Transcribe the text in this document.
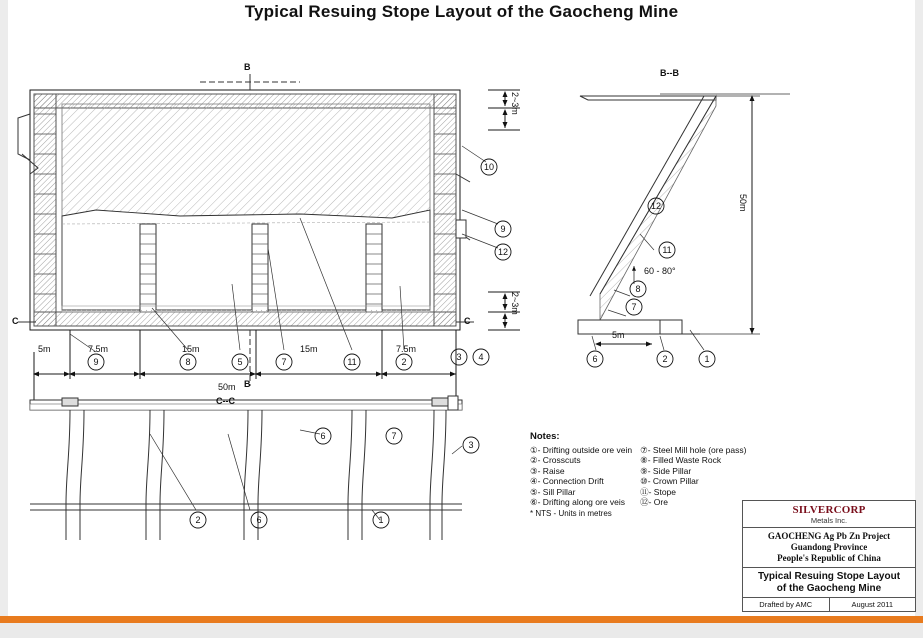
Typical Resuing Stope Layout of the Gaocheng Mine
10
9
12
9	8	5	7	11	2	3 4
12
11
8
7
6	2	1
6	7
3
2	6	1
B
B
B--B
C--C
C	C
2~3m
2~3m
5m	7.5m	15m	15m	7.5m
50m
50m
5m
60 - 80°
Notes:
①- Drifting outside ore vein
②- Crosscuts
③- Raise
④- Connection Drift
⑤- Sill Pillar
⑥- Drifting along ore veis
⑦- Steel Mill hole (ore pass)
⑧- Filled Waste Rock
⑨- Side Pillar
⑩- Crown Pillar
⑪- Stope
⑫- Ore
* NTS - Units in metres	SILVERCORP
Metals Inc.
GAOCHENG Ag Pb Zn Project
Guandong Province
People's Republic of China
Typical Resuing Stope Layout
of the Gaocheng Mine
Drafted by AMC	August 2011
